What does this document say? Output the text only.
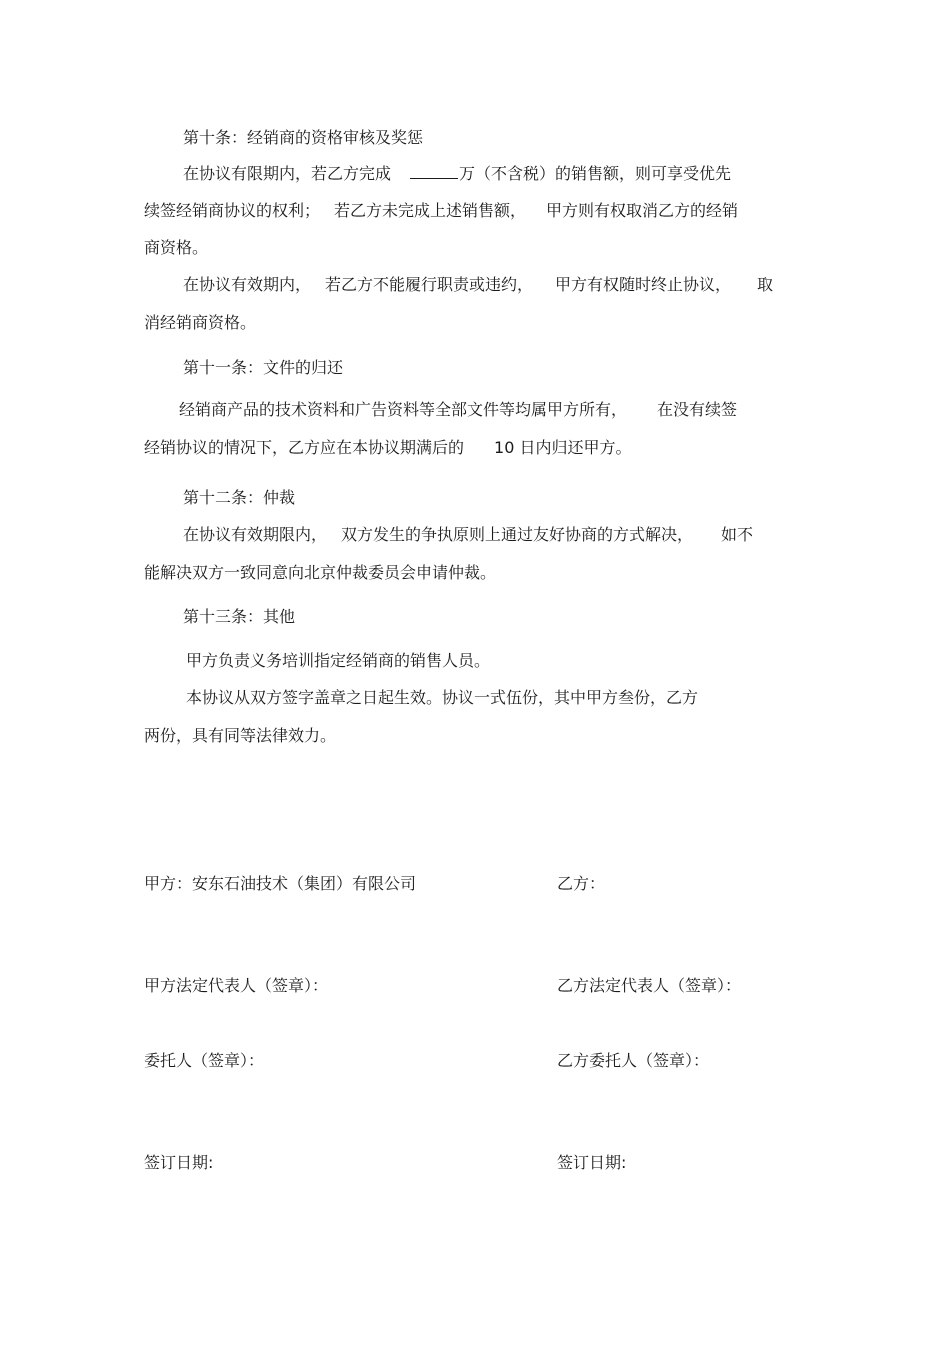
第十条：经销商的资格审核及奖惩
在协议有限期内，若乙方完成	万（不含税）的销售额，则可享受优先
续签经销商协议的权利； 若乙方未完成上述销售额， 甲方则有权取消乙方的经销
商资格。
在协议有效期内， 若乙方不能履行职责或违约， 甲方有权随时终止协议， 取
消经销商资格。
第十一条：文件的归还
经销商产品的技术资料和广告资料等全部文件等均属甲方所有， 在没有续签
经销协议的情况下，乙方应在本协议期满后的 10 日内归还甲方。
第十二条：仲裁
在协议有效期限内， 双方发生的争执原则上通过友好协商的方式解决， 如不
能解决双方一致同意向北京仲裁委员会申请仲裁。
第十三条：其他
甲方负责义务培训指定经销商的销售人员。
本协议从双方签字盖章之日起生效。协议一式伍份，其中甲方叁份，乙方
两份，具有同等法律效力。
甲方：安东石油技术（集团）有限公司	乙方：
甲方法定代表人（签章）：	乙方法定代表人（签章）：
委托人（签章）：	乙方委托人（签章）：
签订日期:	签订日期:
